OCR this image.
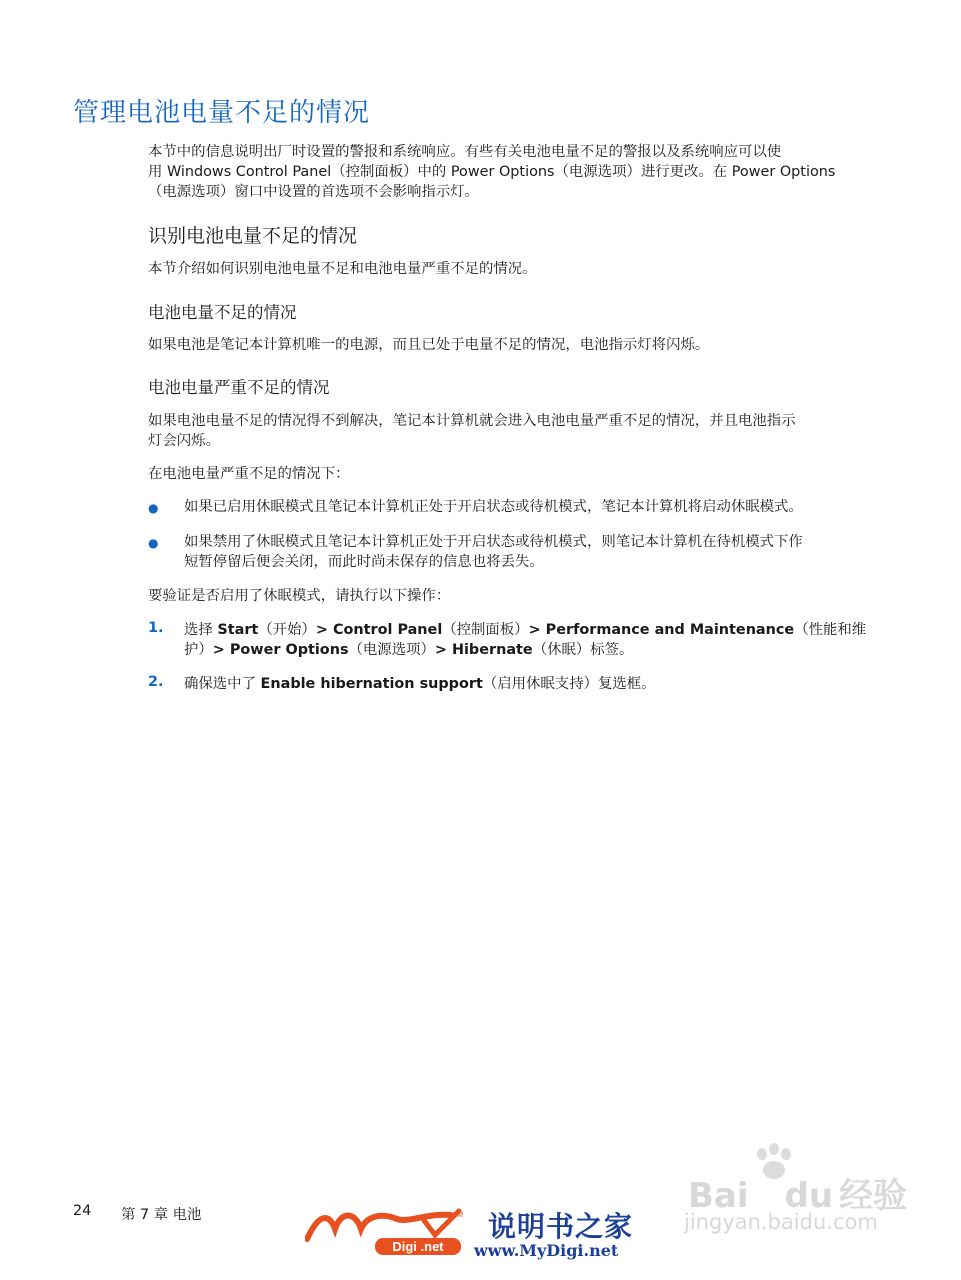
管理电池电量不足的情况

本节中的信息说明出厂时设置的警报和系统响应。有些有关电池电量不足的警报以及系统响应可以使

用 Windows Control Panel（控制面板）中的 Power Options（电源选项）进行更改。在 Power Options

（电源选项）窗口中设置的首选项不会影响指示灯。

识别电池电量不足的情况

本节介绍如何识别电池电量不足和电池电量严重不足的情况。

电池电量不足的情况

如果电池是笔记本计算机唯一的电源，而且已处于电量不足的情况，电池指示灯将闪烁。

电池电量严重不足的情况

如果电池电量不足的情况得不到解决，笔记本计算机就会进入电池电量严重不足的情况，并且电池指示

灯会闪烁。

在电池电量严重不足的情况下：

● 如果已启用休眠模式且笔记本计算机正处于开启状态或待机模式，笔记本计算机将启动休眠模式。
● 如果禁用了休眠模式且笔记本计算机正处于开启状态或待机模式，则笔记本计算机在待机模式下作
短暂停留后便会关闭，而此时尚未保存的信息也将丢失。

要验证是否启用了休眠模式，请执行以下操作：

1. 选择 Start（开始）> Control Panel（控制面板）> Performance and Maintenance（性能和维
护）> Power Options（电源选项）> Hibernate（休眠）标签。
2. 确保选中了 Enable hibernation support（启用休眠支持）复选框。
Bai du 经验
jingyan.baidu.com
24 第 7 章 电池
Digi .net
TM 说明书之家
www.MyDigi.net
